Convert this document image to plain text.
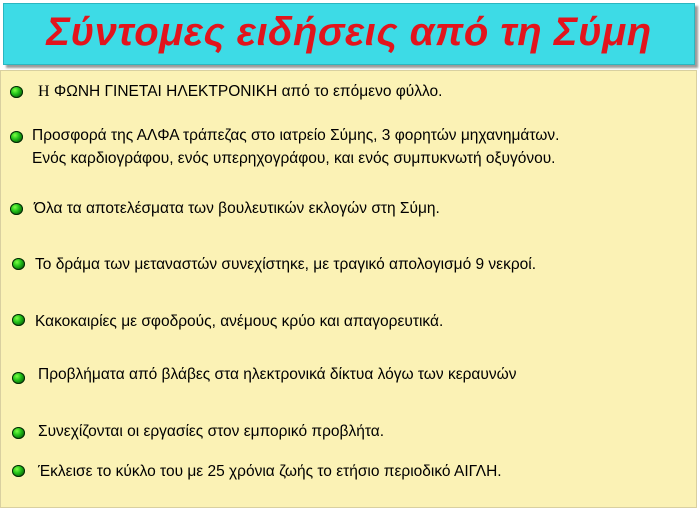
Σύντομες ειδήσεις από τη Σύμη
Η ΦΩΝΗ ΓΙΝΕΤΑΙ ΗΛΕΚΤΡΟΝΙΚΗ από το επόμενο φύλλο.
Προσφορά της ΑΛΦΑ τράπεζας στο ιατρείο Σύμης, 3 φορητών μηχανημάτων.
Ενός καρδιογράφου, ενός υπερηχογράφου, και ενός συμπυκνωτή οξυγόνου.
Όλα τα αποτελέσματα των βουλευτικών εκλογών στη Σύμη.
Το δράμα των μεταναστών συνεχίστηκε, με τραγικό απολογισμό 9 νεκροί.
Κακοκαιρίες με σφοδρούς, ανέμους κρύο και απαγορευτικά.
Προβλήματα από βλάβες στα ηλεκτρονικά δίκτυα λόγω των κεραυνών
Συνεχίζονται οι εργασίες στον εμπορικό προβλήτα.
Έκλεισε το κύκλο του με 25 χρόνια ζωής το ετήσιο περιοδικό ΑΙΓΛΗ.
